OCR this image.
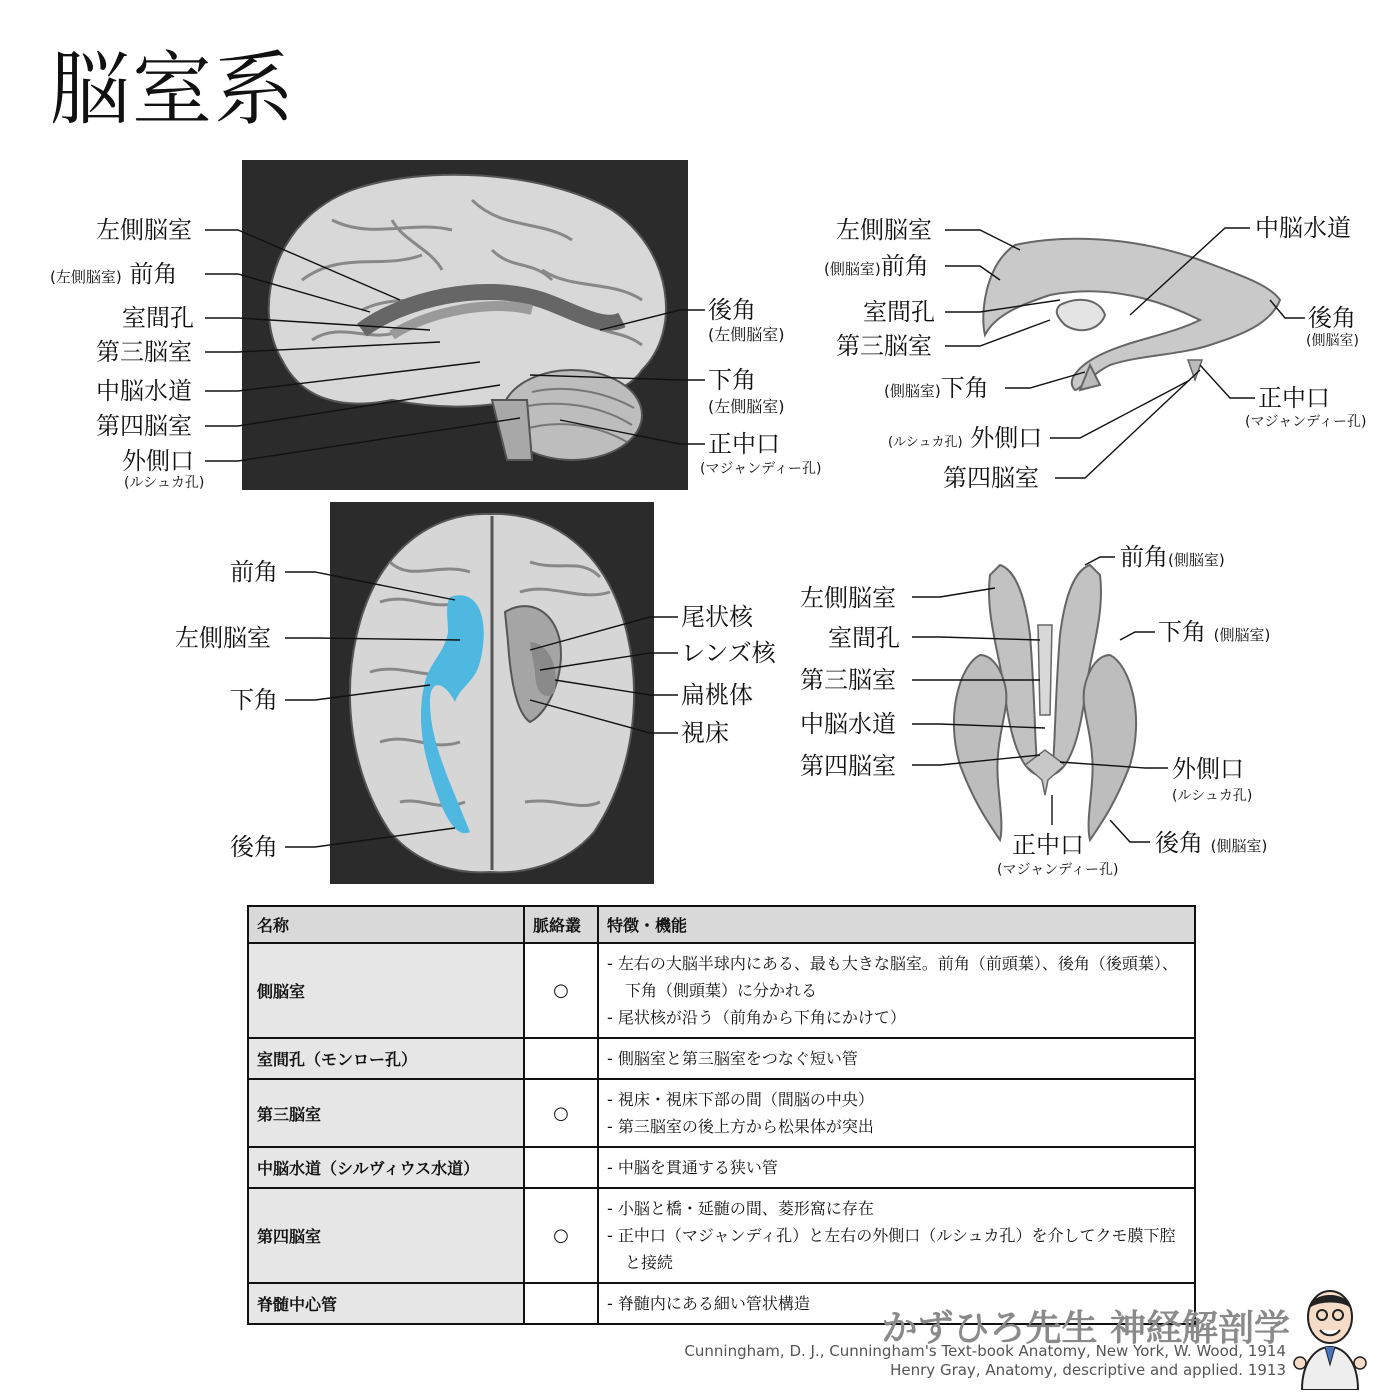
脳室系
左側脳室
(左側脳室) 前角
室間孔
第三脳室
中脳水道
第四脳室
外側口
(ルシュカ孔)
後角
(左側脳室)
下角
(左側脳室)
正中口
(マジャンディー孔)
左側脳室
(側脳室)前角
室間孔
第三脳室
(側脳室)下角
(ルシュカ孔) 外側口
第四脳室
中脳水道
後角
(側脳室)
正中口
(マジャンディー孔)
前角
左側脳室
下角
後角
尾状核
レンズ核
扁桃体
視床
前角(側脳室)
左側脳室
下角 (側脳室)
室間孔
第三脳室
中脳水道
第四脳室	外側口
(ルシュカ孔)
正中口
(マジャンディー孔)
後角 (側脳室)
名称	脈絡叢	特徴・機能
側脳室	○	- 左右の大脳半球内にある、最も大きな脳室。前角（前頭葉）、後角（後頭葉）、下角（側頭葉）に分かれる
- 尾状核が沿う（前角から下角にかけて）

室間孔（モンロー孔）		- 側脳室と第三脳室をつなぐ短い管

第三脳室	○	- 視床・視床下部の間（間脳の中央）
- 第三脳室の後上方から松果体が突出

中脳水道（シルヴィウス水道）		- 中脳を貫通する狭い管

第四脳室	○	- 小脳と橋・延髄の間、菱形窩に存在
- 正中口（マジャンディ孔）と左右の外側口（ルシュカ孔）を介してクモ膜下腔と接続

脊髄中心管		- 脊髄内にある細い管状構造
かずひろ先生 神経解剖学
Cunningham, D. J., Cunningham's Text-book Anatomy, New York, W. Wood, 1914
Henry Gray, Anatomy, descriptive and applied. 1913
